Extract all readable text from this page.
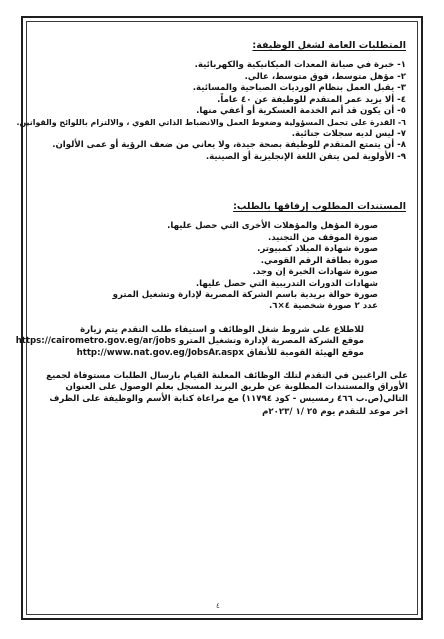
المتطلبات العامة لشغل الوظيفة:
١- خبرة في صيانة المعدات الميكانيكية والكهربائية.
٢- مؤهل متوسط، فوق متوسط، عالي.
٣- يقبل العمل بنظام الورديات الصباحية والمسائية.
٤- ألا يزيد عمر المتقدم للوظيفة عن ٤٠ عاماً.
٥- أن يكون قد أتم الخدمة العسكرية أو أعفي منها.
٦- القدرة على تحمل المسؤولية وضغوط العمل والانضباط الذاتي القوي ، والالتزام باللوائح والقوانين.
٧- ليس لديه سجلات جنائية.
٨- أن يتمتع المتقدم للوظيفة بصحة جيدة، ولا يعاني من ضعف الرؤية أو عمى الألوان.
٩- الأولوية لمن يتقن اللغة الإنجليزية أو الصينية.
المستندات المطلوب إرفاقها بالطلب:
صورة المؤهل والمؤهلات الأخرى التي حصل عليها.
صورة الموقف من التجنيد.
صورة شهادة الميلاد كمبيوتر.
صورة بطاقة الرقم القومي.
صورة شهادات الخبرة إن وجد.
شهادات الدورات التدريبية التي حصل عليها.
صورة حوالة بريدية باسم الشركة المصرية لإدارة وتشغيل المترو
عدد ٢ صورة شخصية ٤×٦.
للاطلاع على شروط شغل الوظائف و استيفاء طلب التقدم يتم زيارة
موقع الشركة المصرية لإدارة وتشغيل المترو https://cairometro.gov.eg/ar/jobs
موقع الهيئة القومية للأنفاق http://www.nat.gov.eg/JobsAr.aspx

على الراغبين في التقدم لتلك الوظائف المعلنة القيام بارسال الطلبات مستوفاة لجميع الأوراق والمستندات المطلوبة عن طريق البريد المسجل بعلم الوصول على العنوان التالي(ص.ب ٤٦٦ رمسيس - كود ١١٧٩٤) مع مراعاة كتابة الأسم والوظيفة على الظرف

اخر موعد للتقدم يوم ٢٥ /١ /٢٠٢٣م
٤
